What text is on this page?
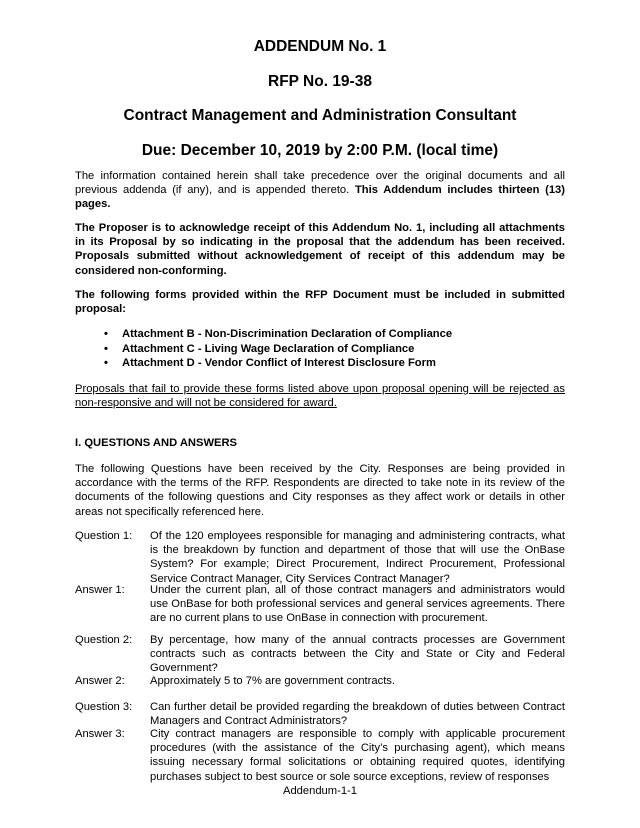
ADDENDUM No. 1
RFP No. 19-38
Contract Management and Administration Consultant
Due: December 10, 2019 by 2:00 P.M. (local time)

The information contained herein shall take precedence over the original documents and all previous addenda (if any), and is appended thereto. This Addendum includes thirteen (13) pages.

The Proposer is to acknowledge receipt of this Addendum No. 1, including all attachments in its Proposal by so indicating in the proposal that the addendum has been received. Proposals submitted without acknowledgement of receipt of this addendum may be considered non-conforming.

The following forms provided within the RFP Document must be included in submitted proposal:

• Attachment B - Non-Discrimination Declaration of Compliance
• Attachment C - Living Wage Declaration of Compliance
• Attachment D - Vendor Conflict of Interest Disclosure Form

Proposals that fail to provide these forms listed above upon proposal opening will be rejected as non-responsive and will not be considered for award.

I. QUESTIONS AND ANSWERS

The following Questions have been received by the City. Responses are being provided in accordance with the terms of the RFP. Respondents are directed to take note in its review of the documents of the following questions and City responses as they affect work or details in other areas not specifically referenced here.

Question 1:	Of the 120 employees responsible for managing and administering contracts, what is the breakdown by function and department of those that will use the OnBase System? For example; Direct Procurement, Indirect Procurement, Professional Service Contract Manager, City Services Contract Manager?
Answer 1:	Under the current plan, all of those contract managers and administrators would use OnBase for both professional services and general services agreements. There are no current plans to use OnBase in connection with procurement.
Question 2:	By percentage, how many of the annual contracts processes are Government contracts such as contracts between the City and State or City and Federal Government?
Answer 2:	Approximately 5 to 7% are government contracts.
Question 3:	Can further detail be provided regarding the breakdown of duties between Contract Managers and Contract Administrators?
Answer 3:	City contract managers are responsible to comply with applicable procurement procedures (with the assistance of the City’s purchasing agent), which means issuing necessary formal solicitations or obtaining required quotes, identifying purchases subject to best source or sole source exceptions, review of responses
Addendum-1-1
